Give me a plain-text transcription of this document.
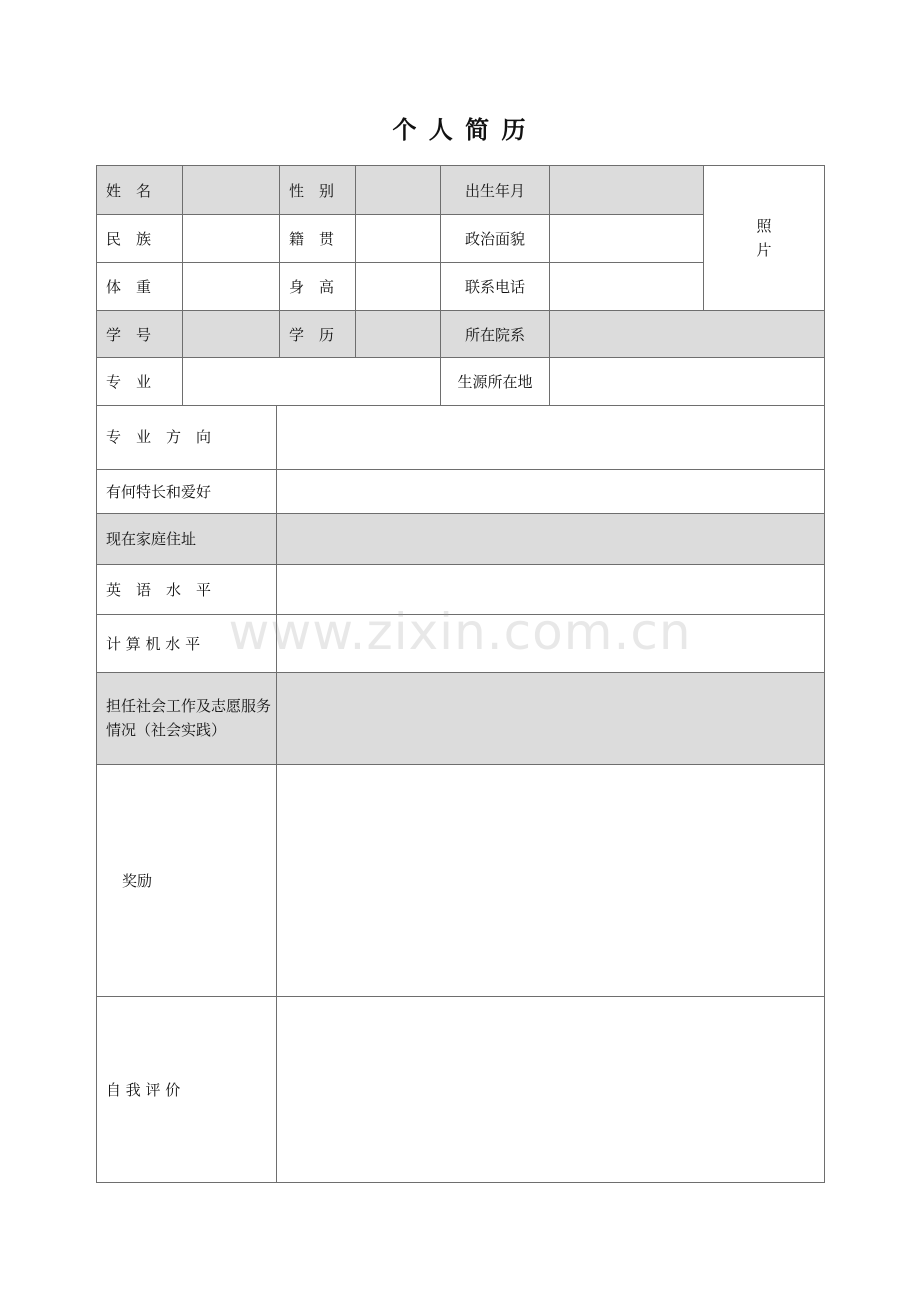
个 人 简 历
姓　名		性　别		出生年月		照
片
民　族		籍　贯		政治面貌		
体　重		身　高		联系电话		
学　号		学　历		所在院系		
专　业				生源所在地		
专　业　方　向	
有何特长和爱好	
现在家庭住址	
英　语　水　平	
计 算 机 水 平	
担任社会工作及志愿服务情况（社会实践）	
奖励	
自 我 评 价	
www.zixin.com.cn
